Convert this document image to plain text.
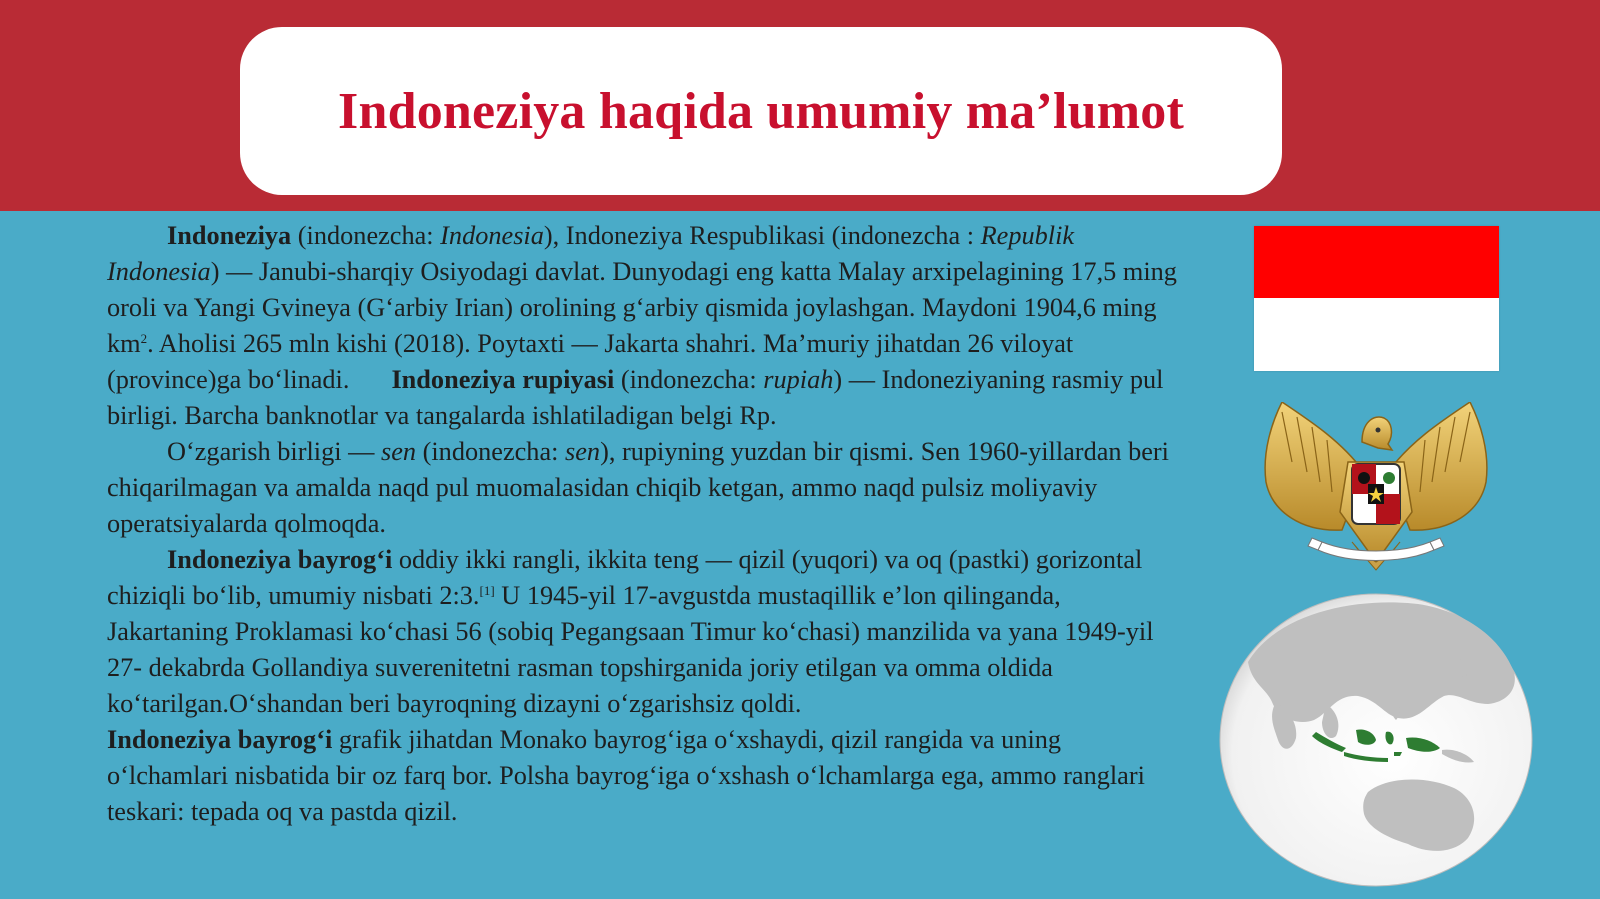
Indoneziya haqida umumiy ma’lumot

Indoneziya (indonezcha: Indonesia), Indoneziya Respublikasi (indonezcha : Republik Indonesia) — Janubi-sharqiy Osiyodagi davlat. Dunyodagi eng katta Malay arxipelagining 17,5 ming oroli va Yangi Gvineya (G‘arbiy Irian) orolining g‘arbiy qismida joylashgan. Maydoni 1904,6 ming $km^2$. Aholisi 265 mln kishi (2018). Poytaxti — Jakarta shahri. Ma’muriy jihatdan 26 viloyat (province)ga bo‘linadi. Indoneziya rupiyasi (indonezcha: rupiah) — Indoneziyaning rasmiy pul birligi. Barcha banknotlar va tangalarda ishlatiladigan belgi Rp.

O‘zgarish birligi — sen (indonezcha: sen), rupiyning yuzdan bir qismi. Sen 1960-yillardan beri chiqarilmagan va amalda naqd pul muomalasidan chiqib ketgan, ammo naqd pulsiz moliyaviy operatsiyalarda qolmoqda.

Indoneziya bayrog‘i oddiy ikki rangli, ikkita teng — qizil (yuqori) va oq (pastki) gorizontal chiziqli bo‘lib, umumiy nisbati 2:3.[1] U 1945-yil 17-avgustda mustaqillik e’lon qilinganda, Jakartaning Proklamasi ko‘chasi 56 (sobiq Pegangsaan Timur ko‘chasi) manzilida va yana 1949-yil 27- dekabrda Gollandiya suverenitetni rasman topshirganida joriy etilgan va omma oldida ko‘tarilgan.O‘shandan beri bayroqning dizayni o‘zgarishsiz qoldi.

Indoneziya bayrog‘i grafik jihatdan Monako bayrog‘iga o‘xshaydi, qizil rangida va uning o‘lchamlari nisbatida bir oz farq bor. Polsha bayrog‘iga o‘xshash o‘lchamlarga ega, ammo ranglari teskari: tepada oq va pastda qizil.
